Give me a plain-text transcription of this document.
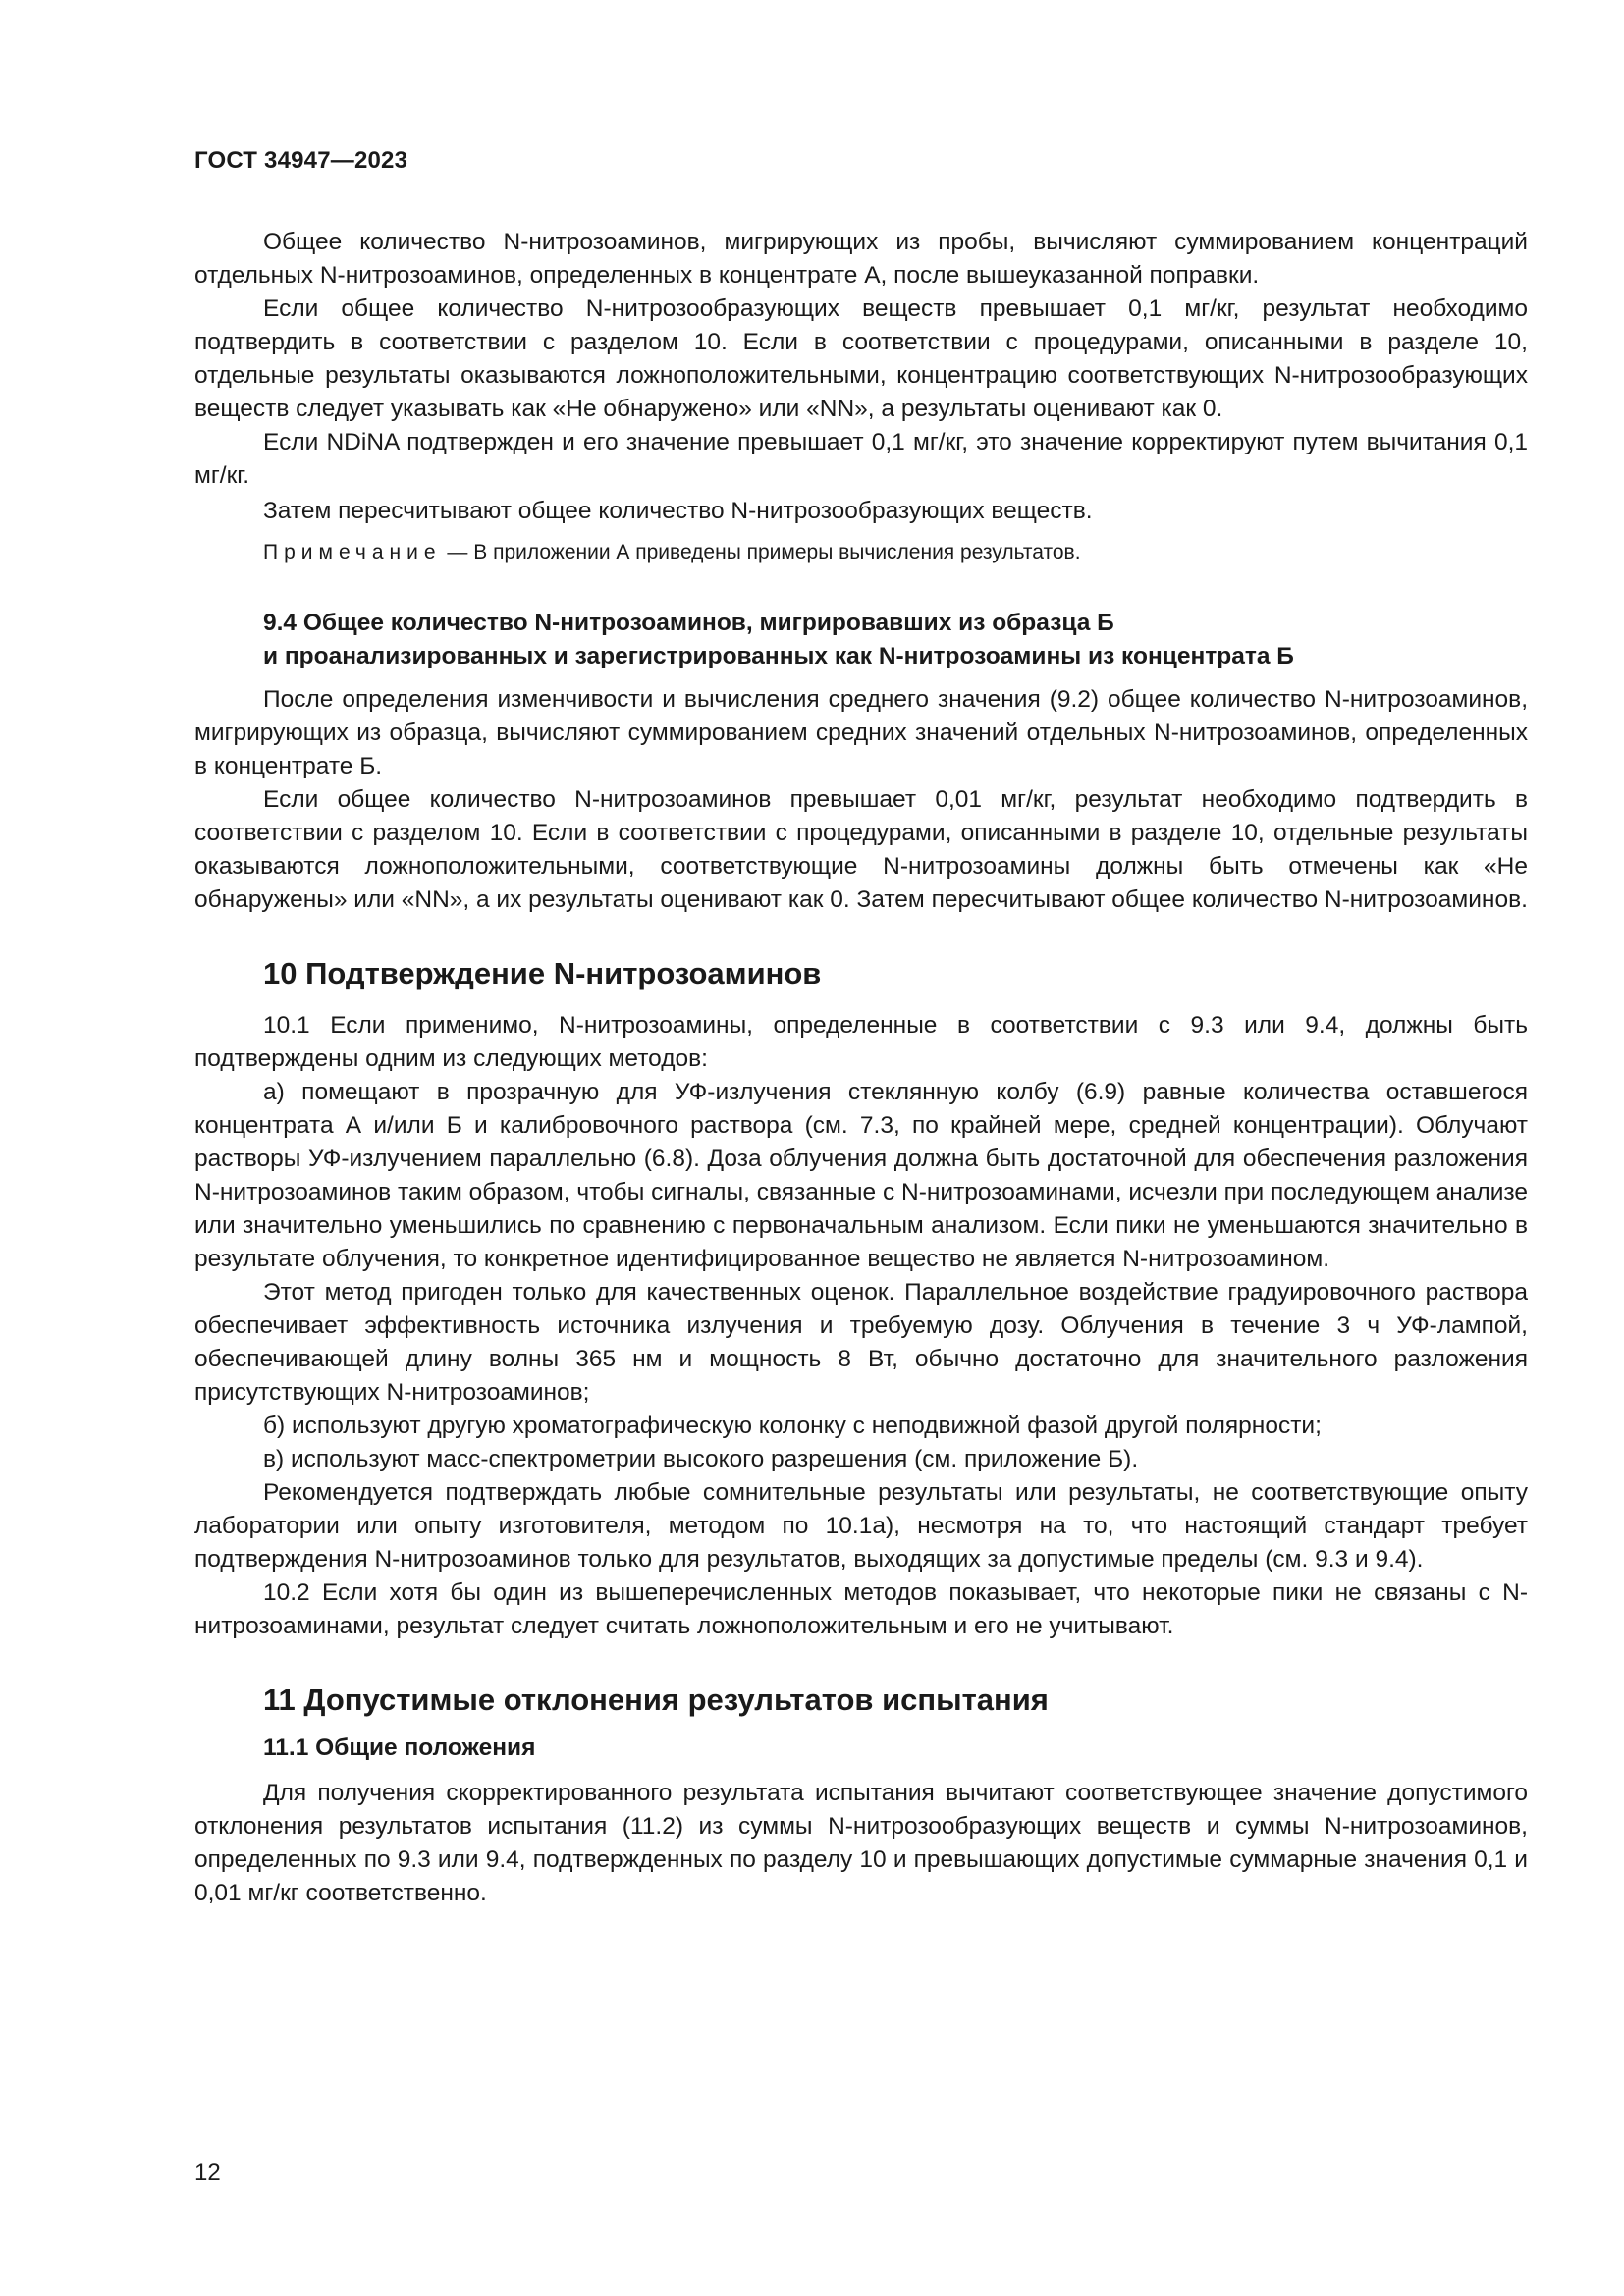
ГОСТ 34947—2023

Общее количество N-нитрозоаминов, мигрирующих из пробы, вычисляют суммированием концентраций отдельных N-нитрозоаминов, определенных в концентрате А, после вышеуказанной поправки.

Если общее количество N-нитрозообразующих веществ превышает 0,1 мг/кг, результат необходимо подтвердить в соответствии с разделом 10. Если в соответствии с процедурами, описанными в разделе 10, отдельные результаты оказываются ложноположительными, концентрацию соответствующих N-нитрозообразующих веществ следует указывать как «Не обнаружено» или «NN», а результаты оценивают как 0.

Если NDiNA подтвержден и его значение превышает 0,1 мг/кг, это значение корректируют путем вычитания 0,1 мг/кг.

Затем пересчитывают общее количество N-нитрозообразующих веществ.

Примечание — В приложении А приведены примеры вычисления результатов.

9.4 Общее количество N-нитрозоаминов, мигрировавших из образца Б

и проанализированных и зарегистрированных как N-нитрозоамины из концентрата Б

После определения изменчивости и вычисления среднего значения (9.2) общее количество N-нитрозоаминов, мигрирующих из образца, вычисляют суммированием средних значений отдельных N-нитрозоаминов, определенных в концентрате Б.

Если общее количество N-нитрозоаминов превышает 0,01 мг/кг, результат необходимо подтвердить в соответствии с разделом 10. Если в соответствии с процедурами, описанными в разделе 10, отдельные результаты оказываются ложноположительными, соответствующие N-нитрозоамины должны быть отмечены как «Не обнаружены» или «NN», а их результаты оценивают как 0. Затем пересчитывают общее количество N-нитрозоаминов.

10 Подтверждение N-нитрозоаминов

10.1 Если применимо, N-нитрозоамины, определенные в соответствии с 9.3 или 9.4, должны быть подтверждены одним из следующих методов:

а) помещают в прозрачную для УФ-излучения стеклянную колбу (6.9) равные количества оставшегося концентрата А и/или Б и калибровочного раствора (см. 7.3, по крайней мере, средней концентрации). Облучают растворы УФ-излучением параллельно (6.8). Доза облучения должна быть достаточной для обеспечения разложения N-нитрозоаминов таким образом, чтобы сигналы, связанные с N-нитрозоаминами, исчезли при последующем анализе или значительно уменьшились по сравнению с первоначальным анализом. Если пики не уменьшаются значительно в результате облучения, то конкретное идентифицированное вещество не является N-нитрозоамином.

Этот метод пригоден только для качественных оценок. Параллельное воздействие градуировочного раствора обеспечивает эффективность источника излучения и требуемую дозу. Облучения в течение 3 ч УФ-лампой, обеспечивающей длину волны 365 нм и мощность 8 Вт, обычно достаточно для значительного разложения присутствующих N-нитрозоаминов;

б) используют другую хроматографическую колонку с неподвижной фазой другой полярности;

в) используют масс-спектрометрии высокого разрешения (см. приложение Б).

Рекомендуется подтверждать любые сомнительные результаты или результаты, не соответствующие опыту лаборатории или опыту изготовителя, методом по 10.1а), несмотря на то, что настоящий стандарт требует подтверждения N-нитрозоаминов только для результатов, выходящих за допустимые пределы (см. 9.3 и 9.4).

10.2 Если хотя бы один из вышеперечисленных методов показывает, что некоторые пики не связаны с N-нитрозоаминами, результат следует считать ложноположительным и его не учитывают.

11 Допустимые отклонения результатов испытания

11.1 Общие положения

Для получения скорректированного результата испытания вычитают соответствующее значение допустимого отклонения результатов испытания (11.2) из суммы N-нитрозообразующих веществ и суммы N-нитрозоаминов, определенных по 9.3 или 9.4, подтвержденных по разделу 10 и превышающих допустимые суммарные значения 0,1 и 0,01 мг/кг соответственно.

12
